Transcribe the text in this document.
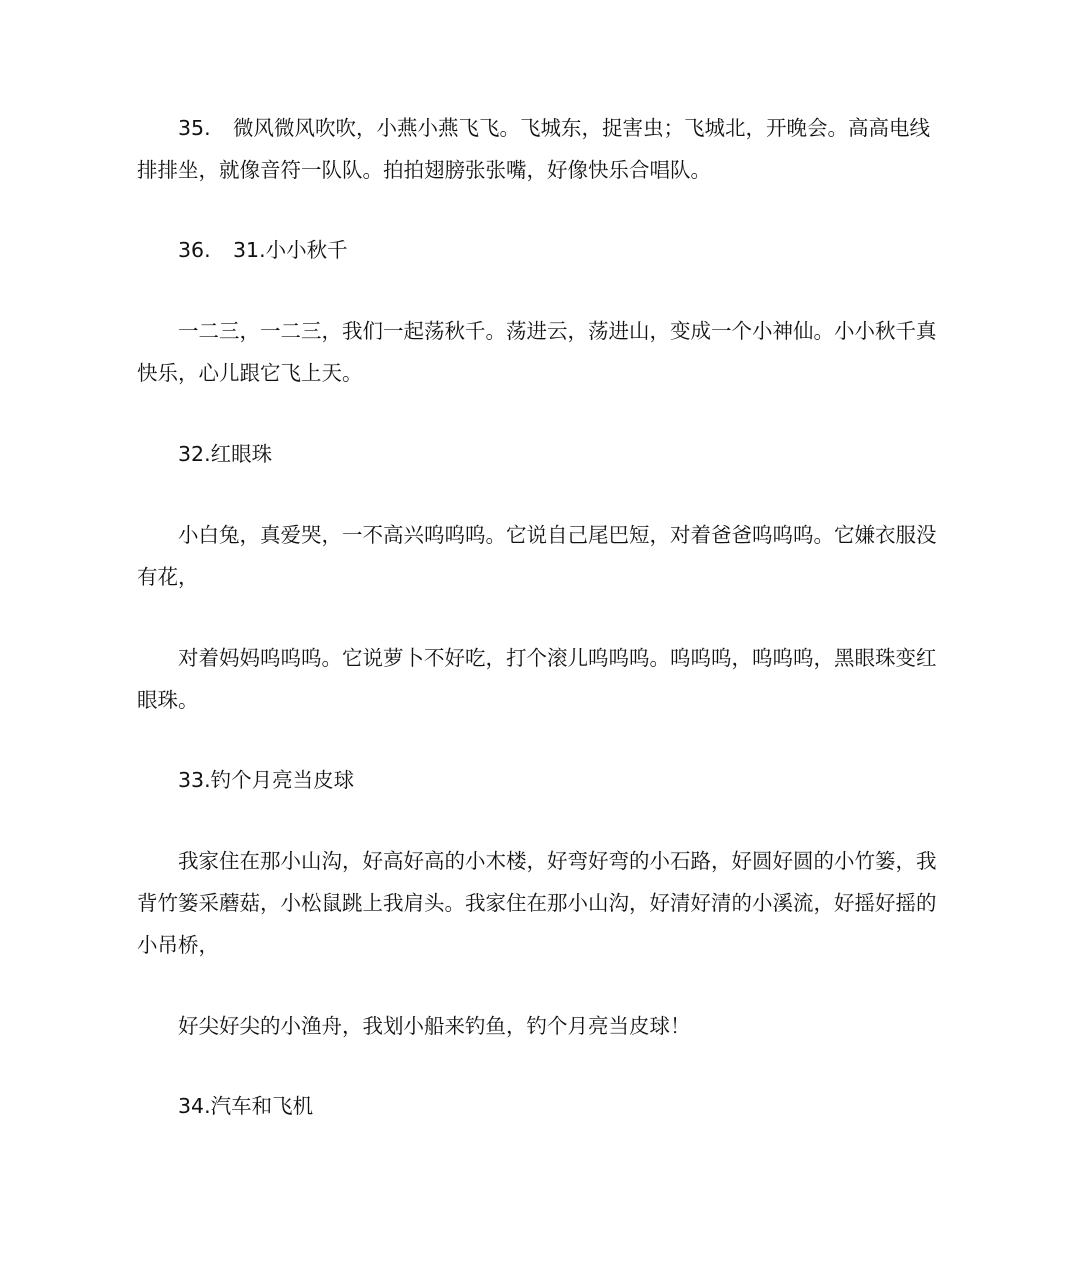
35. 微风微风吹吹，小燕小燕飞飞。飞城东，捉害虫；飞城北，开晚会。高高电线排排坐，就像音符一队队。拍拍翅膀张张嘴，好像快乐合唱队。

36. 31.小小秋千

一二三，一二三，我们一起荡秋千。荡进云，荡进山，变成一个小神仙。小小秋千真快乐，心儿跟它飞上天。

32.红眼珠

小白兔，真爱哭，一不高兴呜呜呜。它说自己尾巴短，对着爸爸呜呜呜。它嫌衣服没有花，

对着妈妈呜呜呜。它说萝卜不好吃，打个滚儿呜呜呜。呜呜呜，呜呜呜，黑眼珠变红眼珠。

33.钓个月亮当皮球

我家住在那小山沟，好高好高的小木楼，好弯好弯的小石路，好圆好圆的小竹篓，我背竹篓采蘑菇，小松鼠跳上我肩头。我家住在那小山沟，好清好清的小溪流，好摇好摇的小吊桥，

好尖好尖的小渔舟，我划小船来钓鱼，钓个月亮当皮球！

34.汽车和飞机
